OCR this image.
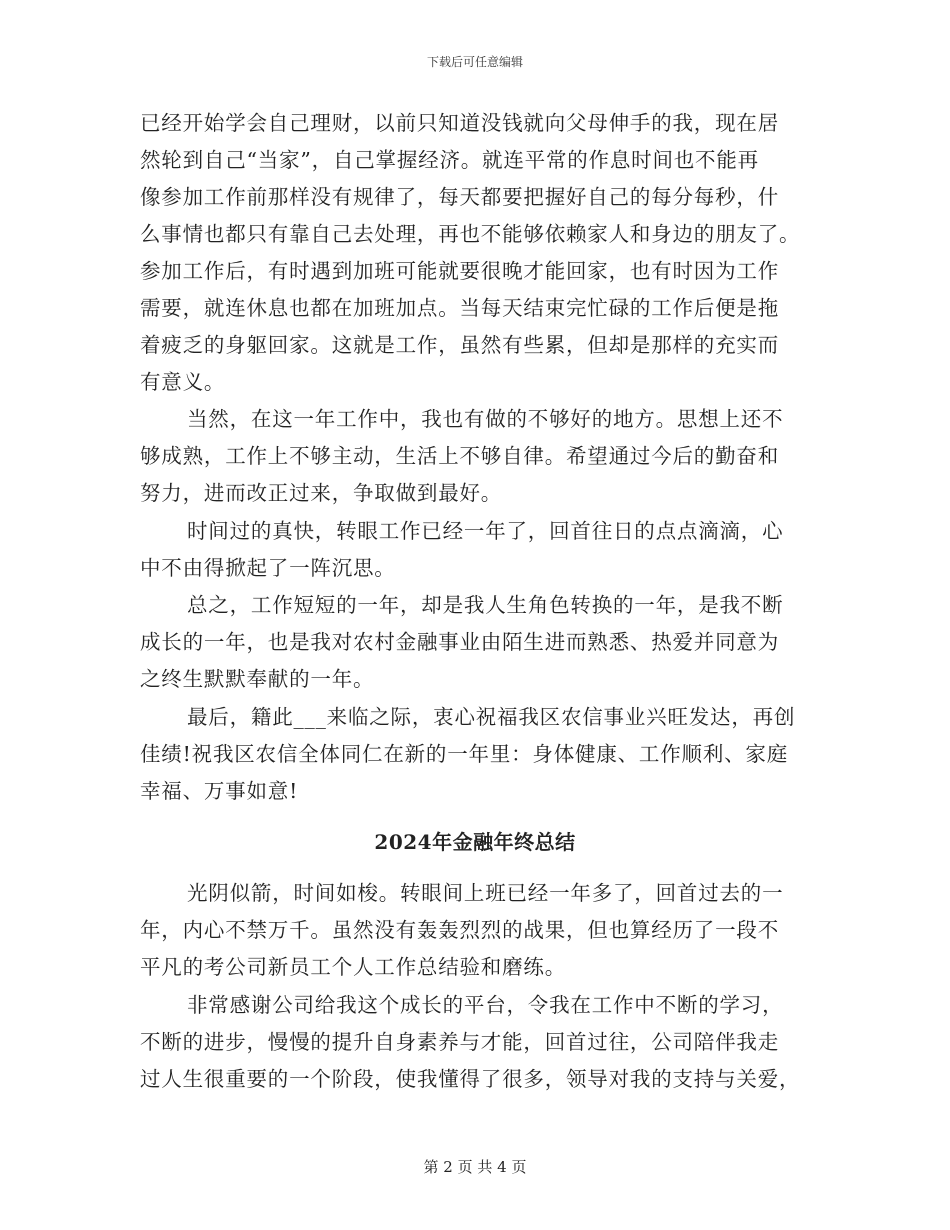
下载后可任意编辑
已经开始学会自己理财，以前只知道没钱就向父母伸手的我，现在居
然轮到自己“当家”，自己掌握经济。就连平常的作息时间也不能再
像参加工作前那样没有规律了，每天都要把握好自己的每分每秒，什
么事情也都只有靠自己去处理，再也不能够依赖家人和身边的朋友了。
参加工作后，有时遇到加班可能就要很晚才能回家，也有时因为工作
需要，就连休息也都在加班加点。当每天结束完忙碌的工作后便是拖
着疲乏的身躯回家。这就是工作，虽然有些累，但却是那样的充实而
有意义。
当然，在这一年工作中，我也有做的不够好的地方。思想上还不
够成熟，工作上不够主动，生活上不够自律。希望通过今后的勤奋和
努力，进而改正过来，争取做到最好。
时间过的真快，转眼工作已经一年了，回首往日的点点滴滴，心
中不由得掀起了一阵沉思。
总之，工作短短的一年，却是我人生角色转换的一年，是我不断
成长的一年，也是我对农村金融事业由陌生进而熟悉、热爱并同意为
之终生默默奉献的一年。
最后，籍此___来临之际，衷心祝福我区农信事业兴旺发达，再创
佳绩!祝我区农信全体同仁在新的一年里：身体健康、工作顺利、家庭
幸福、万事如意!
2024年金融年终总结
光阴似箭，时间如梭。转眼间上班已经一年多了，回首过去的一
年，内心不禁万千。虽然没有轰轰烈烈的战果，但也算经历了一段不
平凡的考公司新员工个人工作总结验和磨练。
非常感谢公司给我这个成长的平台，令我在工作中不断的学习，
不断的进步，慢慢的提升自身素养与才能，回首过往，公司陪伴我走
过人生很重要的一个阶段，使我懂得了很多，领导对我的支持与关爱，
第 2 页 共 4 页
